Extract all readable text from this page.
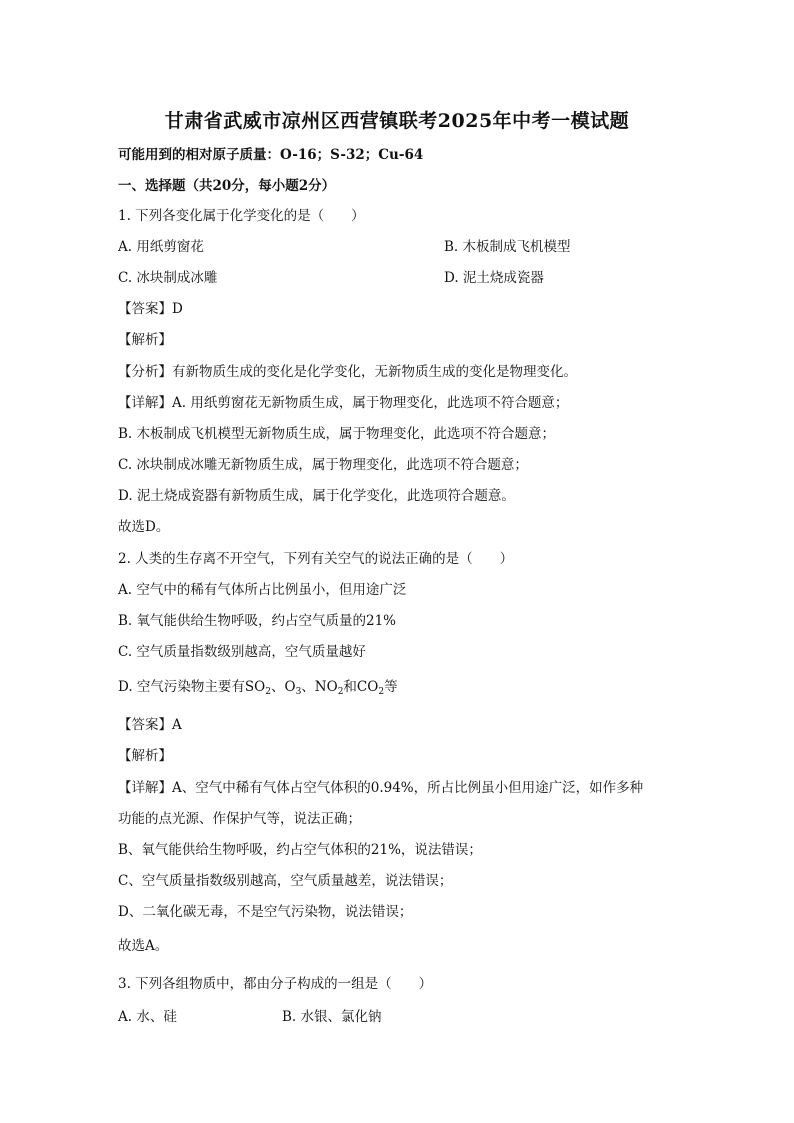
甘肃省武威市凉州区西营镇联考2025年中考一模试题
可能用到的相对原子质量：O-16；S-32；Cu-64
一、选择题（共20分，每小题2分）
1. 下列各变化属于化学变化的是（　　）
A. 用纸剪窗花	B. 木板制成飞机模型
C. 冰块制成冰雕	D. 泥土烧成瓷器
【答案】D
【解析】
【分析】有新物质生成的变化是化学变化，无新物质生成的变化是物理变化。
【详解】A. 用纸剪窗花无新物质生成，属于物理变化，此选项不符合题意；
B. 木板制成飞机模型无新物质生成，属于物理变化，此选项不符合题意；
C. 冰块制成冰雕无新物质生成，属于物理变化，此选项不符合题意；
D. 泥土烧成瓷器有新物质生成，属于化学变化，此选项符合题意。
故选D。
2. 人类的生存离不开空气，下列有关空气的说法正确的是（　　）
A. 空气中的稀有气体所占比例虽小，但用途广泛
B. 氧气能供给生物呼吸，约占空气质量的21%
C. 空气质量指数级别越高，空气质量越好
D. 空气污染物主要有$SO_2$、$O_3$、$NO_2$和$CO_2$等
【答案】A
【解析】
【详解】A、空气中稀有气体占空气体积的0.94%，所占比例虽小但用途广泛，如作多种
功能的点光源、作保护气等，说法正确；
B、氧气能供给生物呼吸，约占空气体积的21%，说法错误；
C、空气质量指数级别越高，空气质量越差，说法错误；
D、二氧化碳无毒，不是空气污染物，说法错误；
故选A。
3. 下列各组物质中，都由分子构成的一组是（　　）
A. 水、硅	B. 水银、氯化钠
